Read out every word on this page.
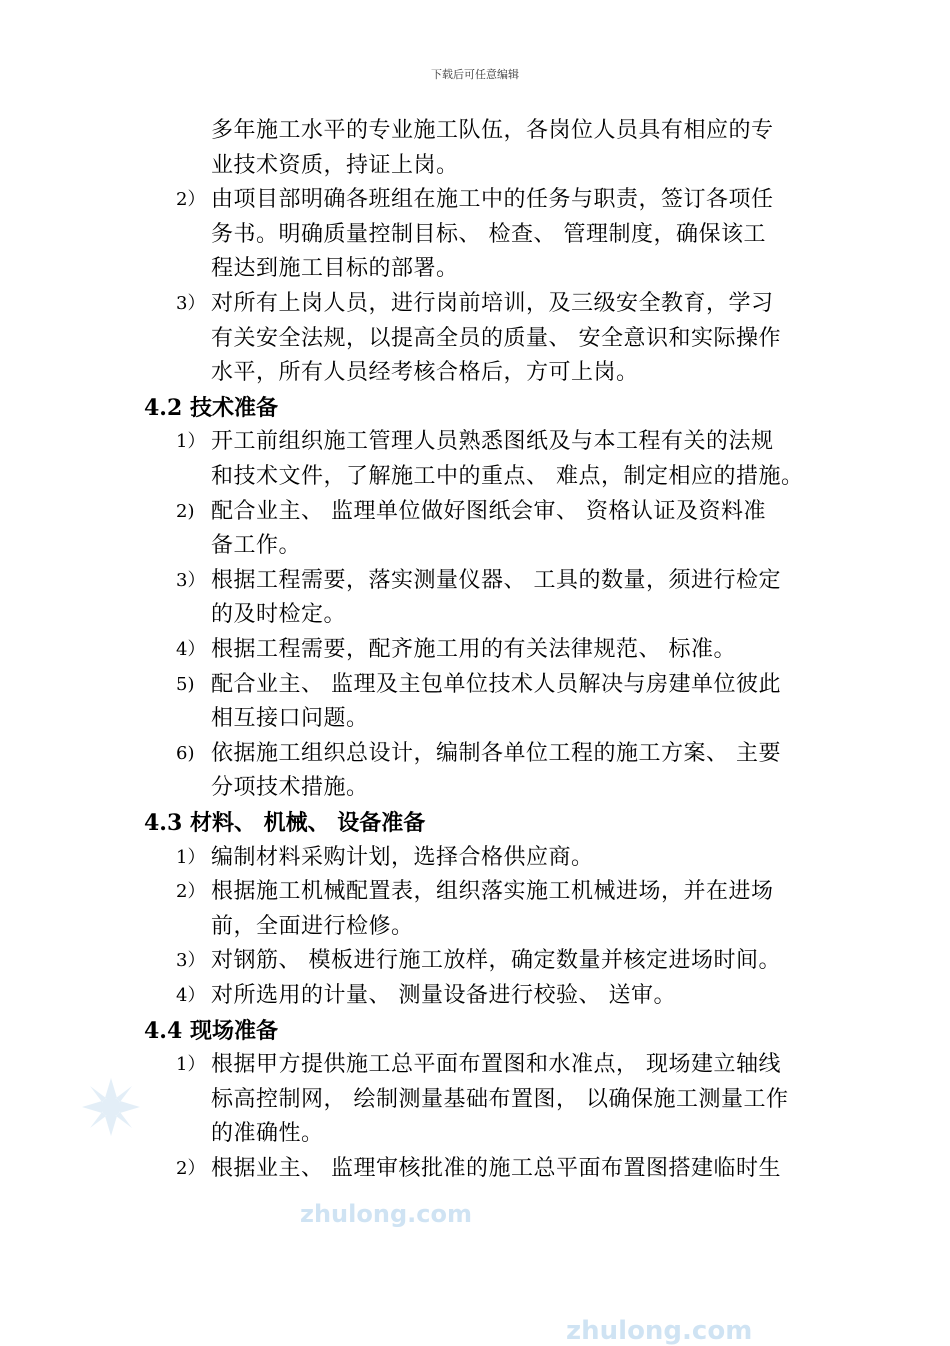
下载后可任意编辑
多年施工水平的专业施工队伍，各岗位人员具有相应的专
业技术资质，持证上岗。
2） 由项目部明确各班组在施工中的任务与职责，签订各项任
务书。明确质量控制目标、 检查、 管理制度，确保该工
程达到施工目标的部署。
3） 对所有上岗人员，进行岗前培训，及三级安全教育，学习
有关安全法规，以提高全员的质量、 安全意识和实际操作
水平，所有人员经考核合格后，方可上岗。
4.2 技术准备
1） 开工前组织施工管理人员熟悉图纸及与本工程有关的法规
和技术文件，了解施工中的重点、 难点，制定相应的措施。
2) 配合业主、 监理单位做好图纸会审、 资格认证及资料准
备工作。
3） 根据工程需要，落实测量仪器、 工具的数量，须进行检定
的及时检定。
4） 根据工程需要，配齐施工用的有关法律规范、 标准。
5) 配合业主、 监理及主包单位技术人员解决与房建单位彼此
相互接口问题。
6) 依据施工组织总设计，编制各单位工程的施工方案、 主要
分项技术措施。
4.3 材料、 机械、 设备准备
1） 编制材料采购计划，选择合格供应商。
2） 根据施工机械配置表，组织落实施工机械进场，并在进场
前，全面进行检修。
3） 对钢筋、 模板进行施工放样，确定数量并核定进场时间。
4） 对所选用的计量、 测量设备进行校验、 送审。
4.4 现场准备
1） 根据甲方提供施工总平面布置图和水准点， 现场建立轴线
标高控制网， 绘制测量基础布置图， 以确保施工测量工作
的准确性。
2） 根据业主、 监理审核批准的施工总平面布置图搭建临时生
zhulong.com
zhulong.com
